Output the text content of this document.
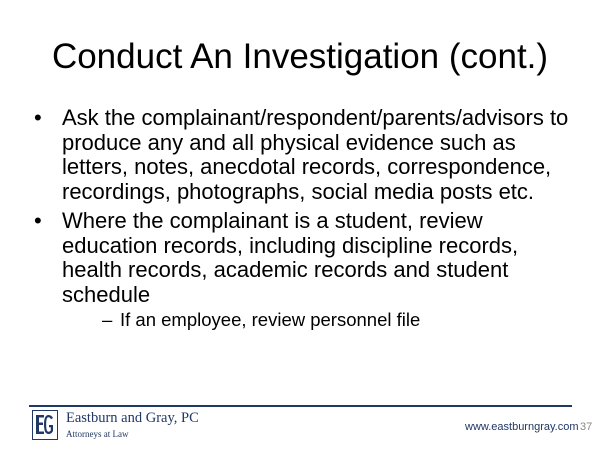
Conduct An Investigation (cont.)
• Ask the complainant/respondent/parents/advisors to produce any and all physical evidence such as letters, notes, anecdotal records, correspondence, recordings, photographs, social media posts etc.
• Where the complainant is a student, review education records, including discipline records, health records, academic records and student schedule
– If an employee, review personnel file
Eastburn and Gray, PC
Attorneys at Law
www.eastburngray.com 37
